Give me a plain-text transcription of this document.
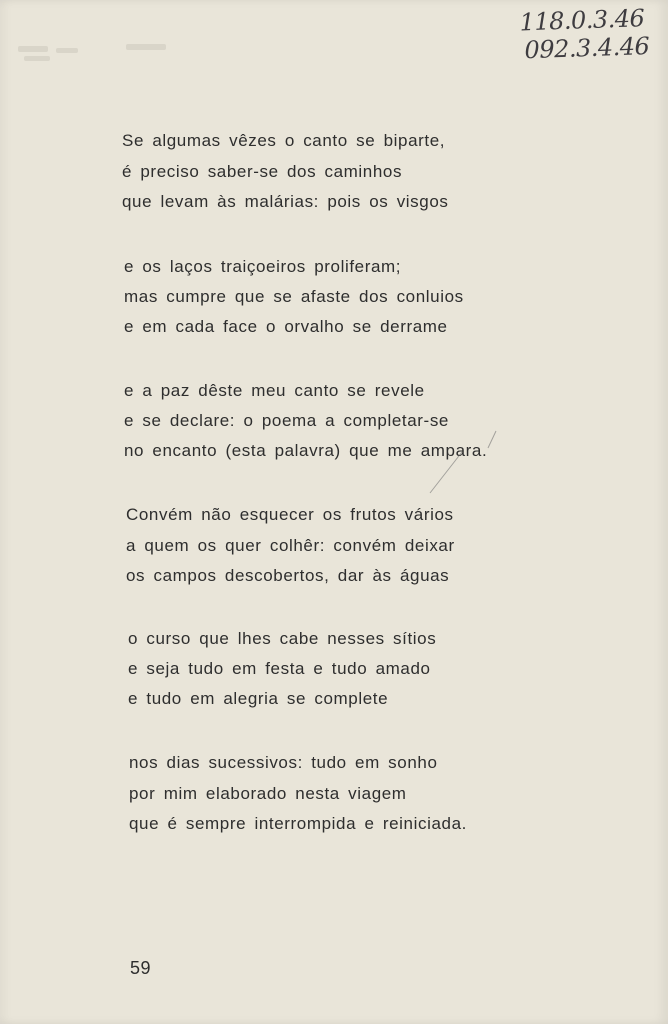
118.0.3.46
092.3.4.46
Se algumas vêzes o canto se biparte,
é preciso saber-se dos caminhos
que levam às malárias: pois os visgos
e os laços traiçoeiros proliferam;
mas cumpre que se afaste dos conluios
e em cada face o orvalho se derrame
e a paz dêste meu canto se revele
e se declare: o poema a completar-se
no encanto (esta palavra) que me ampara.
Convém não esquecer os frutos vários
a quem os quer colhêr: convém deixar
os campos descobertos, dar às águas
o curso que lhes cabe nesses sítios
e seja tudo em festa e tudo amado
e tudo em alegria se complete
nos dias sucessivos: tudo em sonho
por mim elaborado nesta viagem
que é sempre interrompida e reiniciada.
59
